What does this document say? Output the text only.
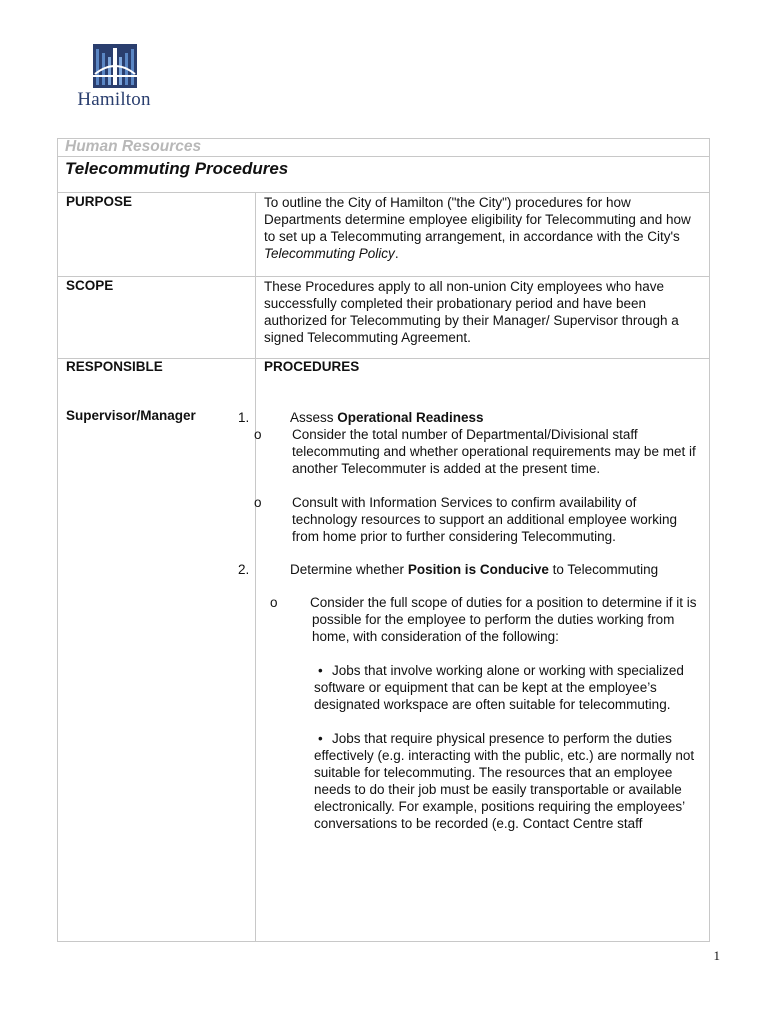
Hamilton
Human Resources
Telecommuting Procedures
PURPOSE	To outline the City of Hamilton ("the City") procedures for how Departments determine employee eligibility for Telecommuting and how to set up a Telecommuting arrangement, in accordance with the City's Telecommuting Policy.

SCOPE	These Procedures apply to all non-union City employees who have successfully completed their probationary period and have been authorized for Telecommuting by their Manager/ Supervisor through a signed Telecommuting Agreement.

RESPONSIBLE	PROCEDURES
Supervisor/Manager	1.	Assess Operational Readiness

o Consider the total number of Departmental/Divisional staff telecommuting and whether operational requirements may be met if another Telecommuter is added at the present time.

o Consult with Information Services to confirm availability of technology resources to support an additional employee working from home prior to further considering Telecommuting.

2.	Determine whether Position is Conducive to Telecommuting

o Consider the full scope of duties for a position to determine if it is possible for the employee to perform the duties working from home, with consideration of the following:

• Jobs that involve working alone or working with specialized software or equipment that can be kept at the employee’s designated workspace are often suitable for telecommuting.

• Jobs that require physical presence to perform the duties effectively (e.g. interacting with the public, etc.) are normally not suitable for telecommuting. The resources that an employee needs to do their job must be easily transportable or available electronically. For example, positions requiring the employees’ conversations to be recorded (e.g. Contact Centre staff

1
